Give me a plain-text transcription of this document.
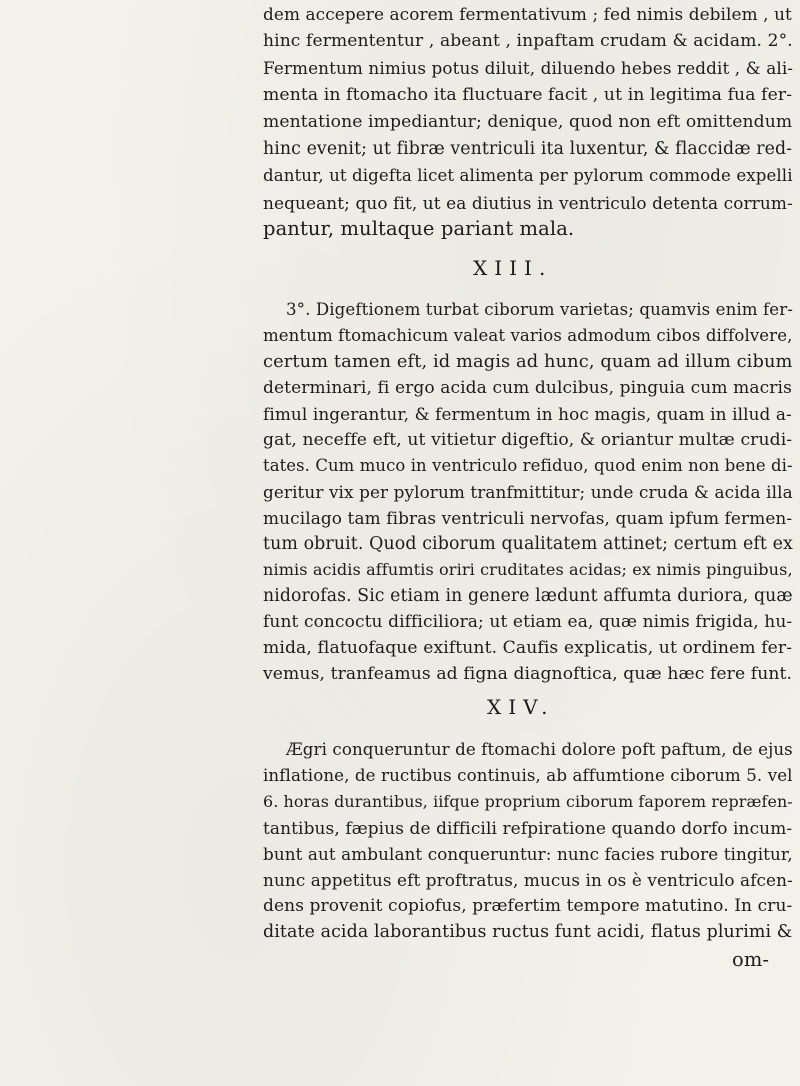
dem accepere acorem fermentativum ; fed nimis debilem , ut
hinc fermententur , abeant , inpaftam crudam & acidam. 2°.
Fermentum nimius potus diluit, diluendo hebes reddit , & ali-
menta in ftomacho ita fluctuare facit , ut in legitima fua fer-
mentatione impediantur; denique, quod non eft omittendum
hinc evenit; ut fibræ ventriculi ita luxentur, & flaccidæ red-
dantur, ut digefta licet alimenta per pylorum commode expelli
nequeant; quo fit, ut ea diutius in ventriculo detenta corrum-
pantur, multaque pariant mala.
XIII.
3°. Digeftionem turbat ciborum varietas; quamvis enim fer-
mentum ftomachicum valeat varios admodum cibos diffolvere,
certum tamen eft, id magis ad hunc, quam ad illum cibum
determinari, fi ergo acida cum dulcibus, pinguia cum macris
fimul ingerantur, & fermentum in hoc magis, quam in illud a-
gat, neceffe eft, ut vitietur digeftio, & oriantur multæ crudi-
tates. Cum muco in ventriculo refiduo, quod enim non bene di-
geritur vix per pylorum tranfmittitur; unde cruda & acida illa
mucilago tam fibras ventriculi nervofas, quam ipfum fermen-
tum obruit. Quod ciborum qualitatem attinet; certum eft ex
nimis acidis affumtis oriri cruditates acidas; ex nimis pinguibus,
nidorofas. Sic etiam in genere lædunt affumta duriora, quæ
funt concoctu difficiliora; ut etiam ea, quæ nimis frigida, hu-
mida, flatuofaque exiftunt. Caufis explicatis, ut ordinem fer-
vemus, tranfeamus ad figna diagnoftica, quæ hæc fere funt.
XIV.
Ægri conqueruntur de ftomachi dolore poft paftum, de ejus
inflatione, de ructibus continuis, ab affumtione ciborum 5. vel
6. horas durantibus, iifque proprium ciborum faporem repræfen-
tantibus, fæpius de difficili refpiratione quando dorfo incum-
bunt aut ambulant conqueruntur: nunc facies rubore tingitur,
nunc appetitus eft proftratus, mucus in os è ventriculo afcen-
dens provenit copiofus, præfertim tempore matutino. In cru-
ditate acida laborantibus ructus funt acidi, flatus plurimi &
om-
